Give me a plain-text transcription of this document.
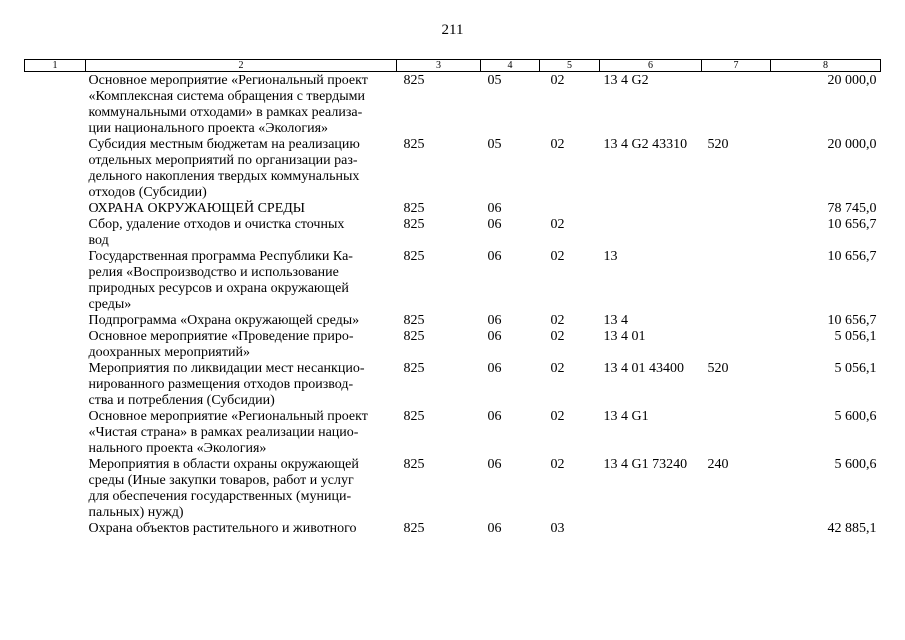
211
1	2	3	4	5	6	7	8

	Основное мероприятие «Региональный проект
«Комплексная система обращения с твердыми
коммунальными отходами» в рамках реализа-
ции национального проекта «Экология»	825	05	02	13 4 G2		20 000,0

	Субсидия местным бюджетам на реализацию
отдельных мероприятий по организации раз-
дельного накопления твердых коммунальных
отходов (Субсидии)	825	05	02	13 4 G2 43310	520	20 000,0

	ОХРАНА ОКРУЖАЮЩЕЙ СРЕДЫ	825	06				78 745,0

	Сбор, удаление отходов и очистка сточных
вод	825	06	02			10 656,7

	Государственная программа Республики Ка-
релия «Воспроизводство и использование
природных ресурсов и охрана окружающей
среды»	825	06	02	13		10 656,7

	Подпрограмма «Охрана окружающей среды»	825	06	02	13 4		10 656,7

	Основное мероприятие «Проведение приро-
доохранных мероприятий»	825	06	02	13 4 01		5 056,1

	Мероприятия по ликвидации мест несанкцио-
нированного размещения отходов производ-
ства и потребления (Субсидии)	825	06	02	13 4 01 43400	520	5 056,1

	Основное мероприятие «Региональный проект
«Чистая страна» в рамках реализации нацио-
нального проекта «Экология»	825	06	02	13 4 G1		5 600,6

	Мероприятия в области охраны окружающей
среды (Иные закупки товаров, работ и услуг
для обеспечения государственных (муници-
пальных) нужд)	825	06	02	13 4 G1 73240	240	5 600,6

	Охрана объектов растительного и животного	825	06	03			42 885,1
